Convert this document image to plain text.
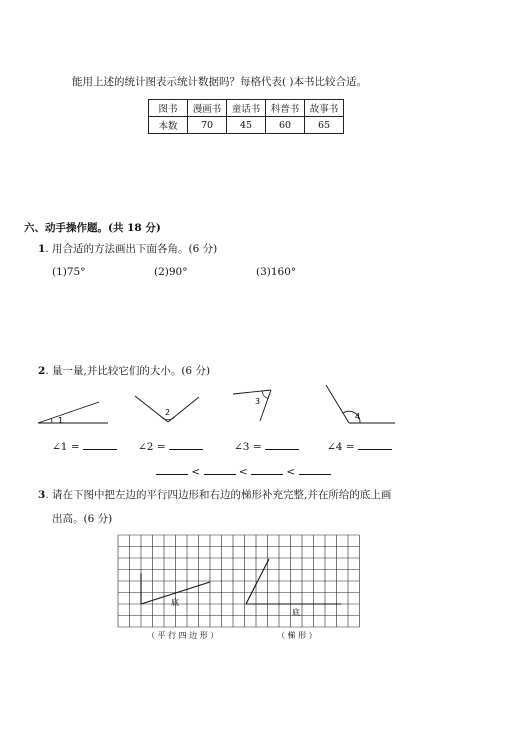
能用上述的统计图表示统计数据吗？每格代表( )本书比较合适。
图书	漫画书	童话书	科普书	故事书
本数	70	45	60	65
六、动手操作题。(共 18 分)
1. 用合适的方法画出下面各角。(6 分)
(1)75°	(2)90°	(3)160°
2. 量一量,并比较它们的大小。(6 分)
1
2
3
4
∠1 =	∠2 =	∠3 =	∠4 =
<	<	<
3. 请在下图中把左边的平行四边形和右边的梯形补充完整,并在所给的底上画
出高。(6 分)
底
底
（ 平 行 四 边 形 ）	（ 梯 形 ）
